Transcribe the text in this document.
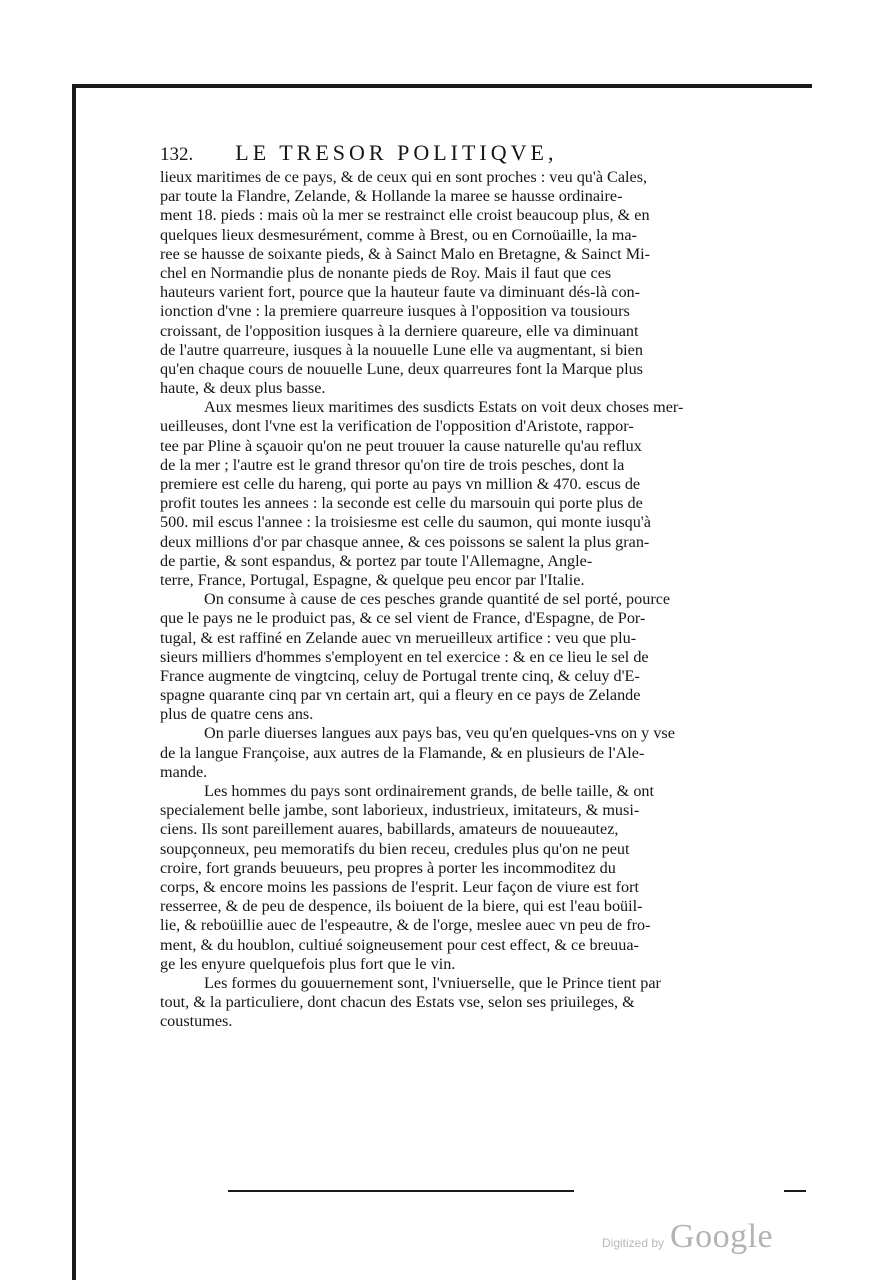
132. LE TRESOR POLITIQVE,
lieux maritimes de ce pays, & de ceux qui en sont proches : veu qu'à Cales,
par toute la Flandre, Zelande, & Hollande la maree se hausse ordinaire-
ment 18. pieds : mais où la mer se restrainct elle croist beaucoup plus, & en
quelques lieux desmesurément, comme à Brest, ou en Cornoüaille, la ma-
ree se hausse de soixante pieds, & à Sainct Malo en Bretagne, & Sainct Mi-
chel en Normandie plus de nonante pieds de Roy. Mais il faut que ces
hauteurs varient fort, pource que la hauteur faute va diminuant dés-là con-
ionction d'vne : la premiere quarreure iusques à l'opposition va tousiours
croissant, de l'opposition iusques à la derniere quareure, elle va diminuant
de l'autre quarreure, iusques à la nouuelle Lune elle va augmentant, si bien
qu'en chaque cours de nouuelle Lune, deux quarreures font la Marque plus
haute, & deux plus basse.
Aux mesmes lieux maritimes des susdicts Estats on voit deux choses mer-
ueilleuses, dont l'vne est la verification de l'opposition d'Aristote, rappor-
tee par Pline à sçauoir qu'on ne peut trouuer la cause naturelle qu'au reflux
de la mer ; l'autre est le grand thresor qu'on tire de trois pesches, dont la
premiere est celle du hareng, qui porte au pays vn million & 470. escus de
profit toutes les annees : la seconde est celle du marsouin qui porte plus de
500. mil escus l'annee : la troisiesme est celle du saumon, qui monte iusqu'à
deux millions d'or par chasque annee, & ces poissons se salent la plus gran-
de partie, & sont espandus, & portez par toute l'Allemagne, Angle-
terre, France, Portugal, Espagne, & quelque peu encor par l'Italie.
On consume à cause de ces pesches grande quantité de sel porté, pource
que le pays ne le produict pas, & ce sel vient de France, d'Espagne, de Por-
tugal, & est raffiné en Zelande auec vn merueilleux artifice : veu que plu-
sieurs milliers d'hommes s'employent en tel exercice : & en ce lieu le sel de
France augmente de vingtcinq, celuy de Portugal trente cinq, & celuy d'E-
spagne quarante cinq par vn certain art, qui a fleury en ce pays de Zelande
plus de quatre cens ans.
On parle diuerses langues aux pays bas, veu qu'en quelques-vns on y vse
de la langue Françoise, aux autres de la Flamande, & en plusieurs de l'Ale-
mande.
Les hommes du pays sont ordinairement grands, de belle taille, & ont
specialement belle jambe, sont laborieux, industrieux, imitateurs, & musi-
ciens. Ils sont pareillement auares, babillards, amateurs de nouueautez,
soupçonneux, peu memoratifs du bien receu, credules plus qu'on ne peut
croire, fort grands beuueurs, peu propres à porter les incommoditez du
corps, & encore moins les passions de l'esprit. Leur façon de viure est fort
resserree, & de peu de despence, ils boiuent de la biere, qui est l'eau boüil-
lie, & reboüillie auec de l'espeautre, & de l'orge, meslee auec vn peu de fro-
ment, & du houblon, cultiué soigneusement pour cest effect, & ce breuua-
ge les enyure quelquefois plus fort que le vin.
Les formes du gouuernement sont, l'vniuerselle, que le Prince tient par
tout, & la particuliere, dont chacun des Estats vse, selon ses priuileges, &
coustumes.
Digitized by Google
